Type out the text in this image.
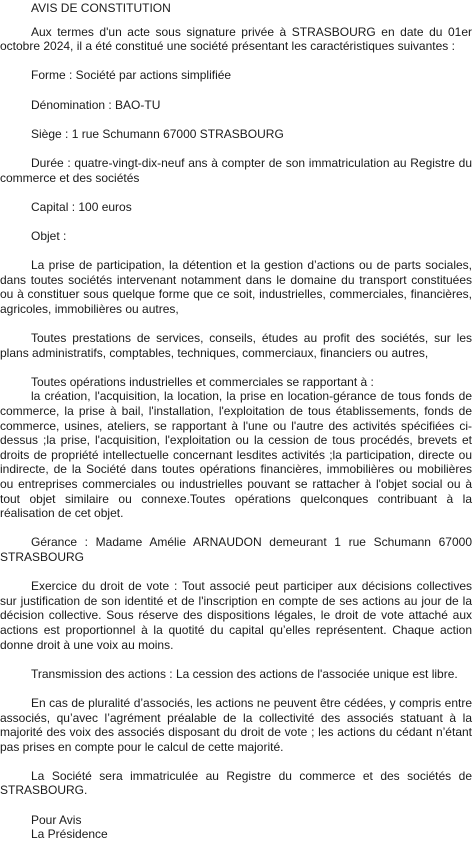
AVIS DE CONSTITUTION

Aux termes d'un acte sous signature privée à STRASBOURG en date du 01er octobre 2024, il a été constitué une société présentant les caractéristiques suivantes :

Forme : Société par actions simplifiée

Dénomination : BAO-TU

Siège : 1 rue Schumann 67000 STRASBOURG

Durée : quatre-vingt-dix-neuf ans à compter de son immatriculation au Registre du commerce et des sociétés

Capital : 100 euros

Objet :

La prise de participation, la détention et la gestion d’actions ou de parts sociales, dans toutes sociétés intervenant notamment dans le domaine du transport constituées ou à constituer sous quelque forme que ce soit, industrielles, commerciales, financières, agricoles, immobilières ou autres,

Toutes prestations de services, conseils, études au profit des sociétés, sur les plans administratifs, comptables, techniques, commerciaux, financiers ou autres,

Toutes opérations industrielles et commerciales se rapportant à :

la création, l'acquisition, la location, la prise en location-gérance de tous fonds de commerce, la prise à bail, l'installation, l'exploitation de tous établissements, fonds de commerce, usines, ateliers, se rapportant à l'une ou l'autre des activités spécifiées ci-dessus ;la prise, l'acquisition, l'exploitation ou la cession de tous procédés, brevets et droits de propriété intellectuelle concernant lesdites activités ;la participation, directe ou indirecte, de la Société dans toutes opérations financières, immobilières ou mobilières ou entreprises commerciales ou industrielles pouvant se rattacher à l'objet social ou à tout objet similaire ou connexe.Toutes opérations quelconques contribuant à la réalisation de cet objet.

Gérance : Madame Amélie ARNAUDON demeurant 1 rue Schumann 67000 STRASBOURG

Exercice du droit de vote : Tout associé peut participer aux décisions collectives sur justification de son identité et de l'inscription en compte de ses actions au jour de la décision collective. Sous réserve des dispositions légales, le droit de vote attaché aux actions est proportionnel à la quotité du capital qu’elles représentent. Chaque action donne droit à une voix au moins.

Transmission des actions : La cession des actions de l'associée unique est libre.

En cas de pluralité d’associés, les actions ne peuvent être cédées, y compris entre associés, qu’avec l’agrément préalable de la collectivité des associés statuant à la majorité des voix des associés disposant du droit de vote ; les actions du cédant n’étant pas prises en compte pour le calcul de cette majorité.

La Société sera immatriculée au Registre du commerce et des sociétés de STRASBOURG.

Pour Avis

La Présidence
